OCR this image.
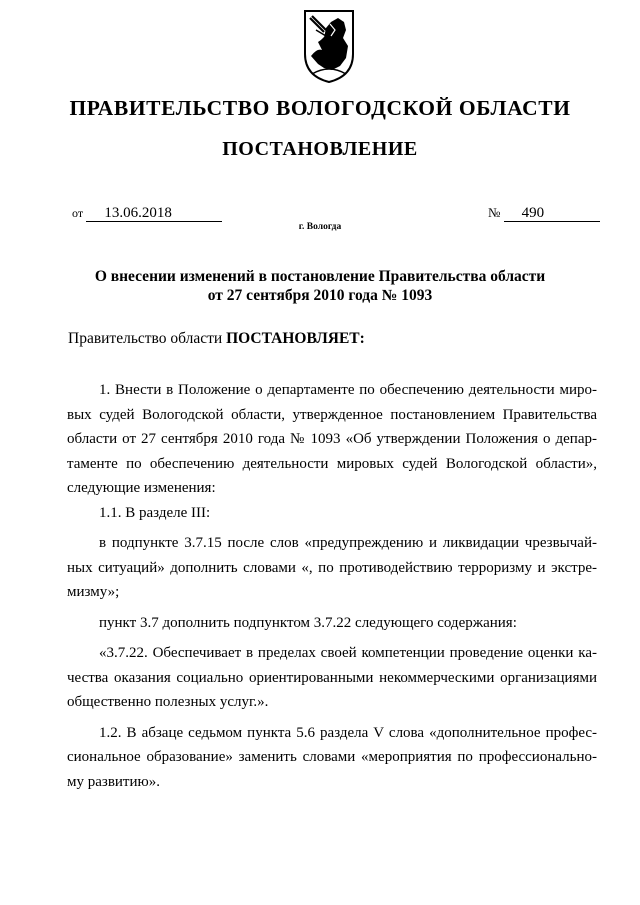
ПРАВИТЕЛЬСТВО ВОЛОГОДСКОЙ ОБЛАСТИ
ПОСТАНОВЛЕНИЕ
от 13.06.2018	№ 490
г. Вологда
О внесении изменений в постановление Правительства области
от 27 сентября 2010 года № 1093
Правительство области ПОСТАНОВЛЯЕТ:

1. Внести в Положение о департаменте по обеспечению деятельности миро-

вых судей Вологодской области, утвержденное постановлением Правительства

области от 27 сентября 2010 года № 1093 «Об утверждении Положения о депар-

таменте по обеспечению деятельности мировых судей Вологодской области»,

следующие изменения:

1.1. В разделе III:

в подпункте 3.7.15 после слов «предупреждению и ликвидации чрезвычай-

ных ситуаций» дополнить словами «, по противодействию терроризму и экстре-

мизму»;

пункт 3.7 дополнить подпунктом 3.7.22 следующего содержания:

«3.7.22. Обеспечивает в пределах своей компетенции проведение оценки ка-

чества оказания социально ориентированными некоммерческими организациями

общественно полезных услуг.».

1.2. В абзаце седьмом пункта 5.6 раздела V слова «дополнительное профес-

сиональное образование» заменить словами «мероприятия по профессионально-

му развитию».
